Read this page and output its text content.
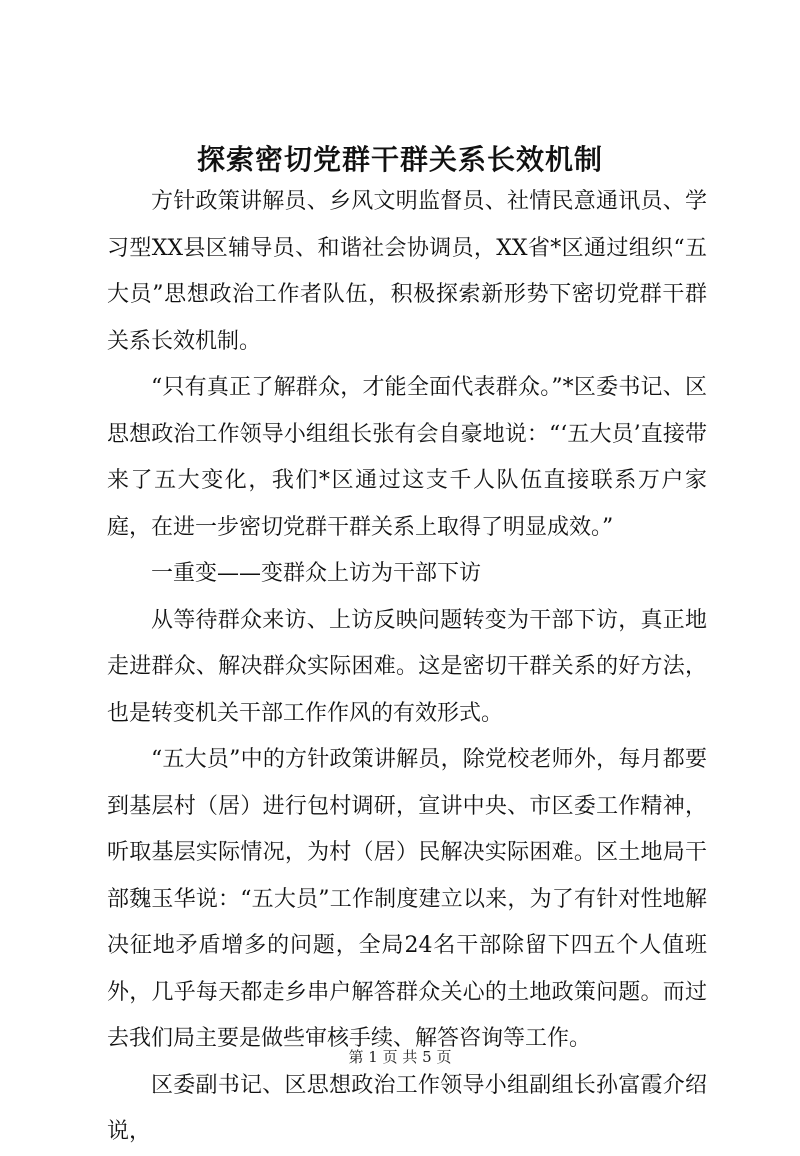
探索密切党群干群关系长效机制

方针政策讲解员、乡风文明监督员、社情民意通讯员、学习型XX县区辅导员、和谐社会协调员，XX省*区通过组织“五大员”思想政治工作者队伍，积极探索新形势下密切党群干群关系长效机制。

“只有真正了解群众，才能全面代表群众。”*区委书记、区思想政治工作领导小组组长张有会自豪地说：“‘五大员’直接带来了五大变化，我们*区通过这支千人队伍直接联系万户家庭，在进一步密切党群干群关系上取得了明显成效。”

一重变——变群众上访为干部下访

从等待群众来访、上访反映问题转变为干部下访，真正地走进群众、解决群众实际困难。这是密切干群关系的好方法，也是转变机关干部工作作风的有效形式。

“五大员”中的方针政策讲解员，除党校老师外，每月都要到基层村（居）进行包村调研，宣讲中央、市区委工作精神，听取基层实际情况，为村（居）民解决实际困难。区土地局干部魏玉华说：“五大员”工作制度建立以来，为了有针对性地解决征地矛盾增多的问题，全局24名干部除留下四五个人值班外，几乎每天都走乡串户解答群众关心的土地政策问题。而过去我们局主要是做些审核手续、解答咨询等工作。

区委副书记、区思想政治工作领导小组副组长孙富霞介绍说，

第 1 页 共 5 页
